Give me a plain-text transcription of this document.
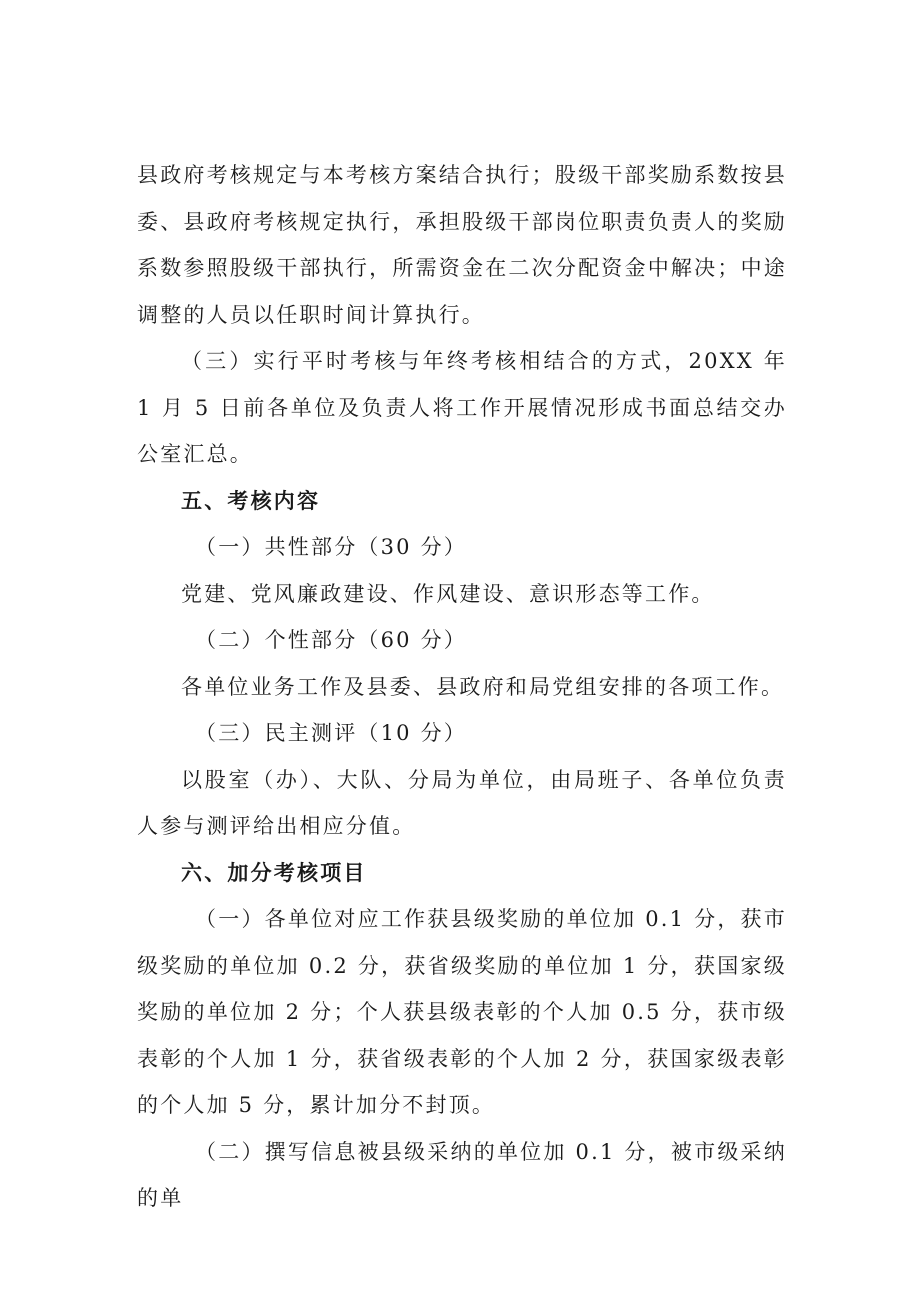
县政府考核规定与本考核方案结合执行；股级干部奖励系数按县委、县政府考核规定执行，承担股级干部岗位职责负责人的奖励系数参照股级干部执行，所需资金在二次分配资金中解决；中途调整的人员以任职时间计算执行。

（三）实行平时考核与年终考核相结合的方式，20XX 年 1 月 5 日前各单位及负责人将工作开展情况形成书面总结交办公室汇总。

五、考核内容

（一）共性部分（30 分）

党建、党风廉政建设、作风建设、意识形态等工作。

（二）个性部分（60 分）

各单位业务工作及县委、县政府和局党组安排的各项工作。

（三）民主测评（10 分）

以股室（办）、大队、分局为单位，由局班子、各单位负责人参与测评给出相应分值。

六、加分考核项目

（一）各单位对应工作获县级奖励的单位加 0.1 分，获市级奖励的单位加 0.2 分，获省级奖励的单位加 1 分，获国家级奖励的单位加 2 分；个人获县级表彰的个人加 0.5 分，获市级表彰的个人加 1 分，获省级表彰的个人加 2 分，获国家级表彰的个人加 5 分，累计加分不封顶。

（二）撰写信息被县级采纳的单位加 0.1 分，被市级采纳的单
